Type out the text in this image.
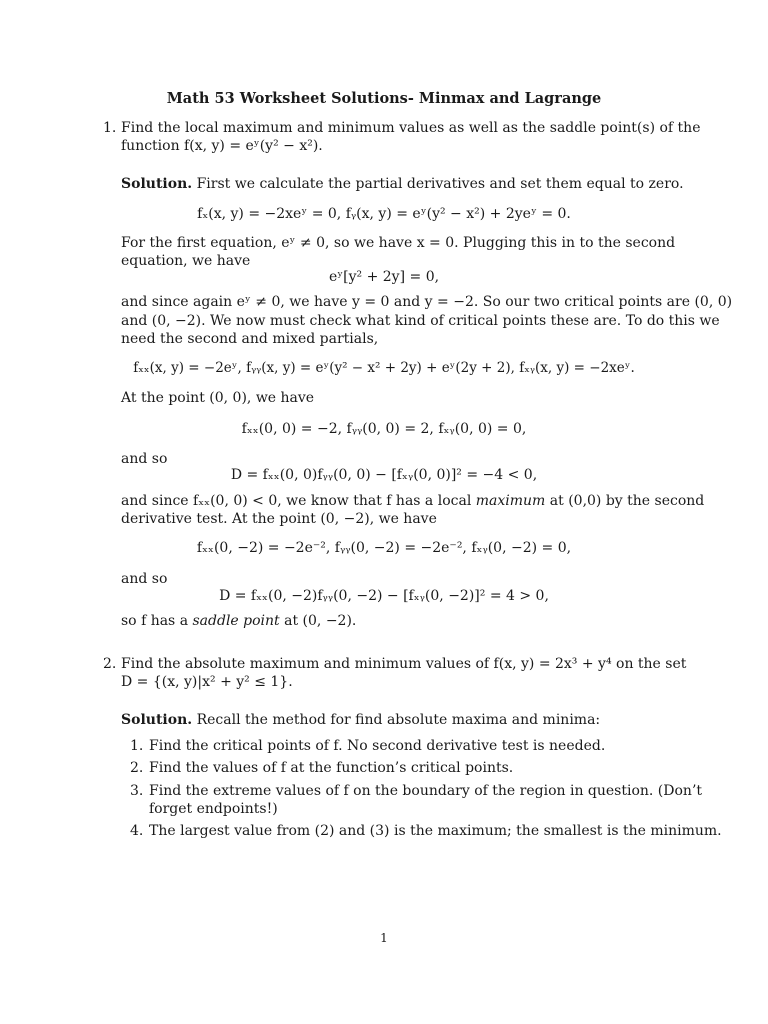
Math 53 Worksheet Solutions- Minmax and Lagrange
1. Find the local maximum and minimum values as well as the saddle point(s) of the
function f(x, y) = eʸ(y² − x²).
Solution. First we calculate the partial derivatives and set them equal to zero.
fₓ(x, y) = −2xeʸ = 0, fᵧ(x, y) = eʸ(y² − x²) + 2yeʸ = 0.
For the first equation, eʸ ≠ 0, so we have x = 0. Plugging this in to the second
equation, we have
eʸ[y² + 2y] = 0,
and since again eʸ ≠ 0, we have y = 0 and y = −2. So our two critical points are (0, 0)
and (0, −2). We now must check what kind of critical points these are. To do this we
need the second and mixed partials,
fₓₓ(x, y) = −2eʸ, fᵧᵧ(x, y) = eʸ(y² − x² + 2y) + eʸ(2y + 2), fₓᵧ(x, y) = −2xeʸ.
At the point (0, 0), we have
fₓₓ(0, 0) = −2, fᵧᵧ(0, 0) = 2, fₓᵧ(0, 0) = 0,
and so
D = fₓₓ(0, 0)fᵧᵧ(0, 0) − [fₓᵧ(0, 0)]² = −4 < 0,
and since fₓₓ(0, 0) < 0, we know that f has a local maximum at (0,0) by the second
derivative test. At the point (0, −2), we have
fₓₓ(0, −2) = −2e⁻², fᵧᵧ(0, −2) = −2e⁻², fₓᵧ(0, −2) = 0,
and so
D = fₓₓ(0, −2)fᵧᵧ(0, −2) − [fₓᵧ(0, −2)]² = 4 > 0,
so f has a saddle point at (0, −2).
2. Find the absolute maximum and minimum values of f(x, y) = 2x³ + y⁴ on the set
D = {(x, y)|x² + y² ≤ 1}.
Solution. Recall the method for find absolute maxima and minima:
1. Find the critical points of f. No second derivative test is needed.
2. Find the values of f at the function’s critical points.
3. Find the extreme values of f on the boundary of the region in question. (Don’t
forget endpoints!)
4. The largest value from (2) and (3) is the maximum; the smallest is the minimum.
1
